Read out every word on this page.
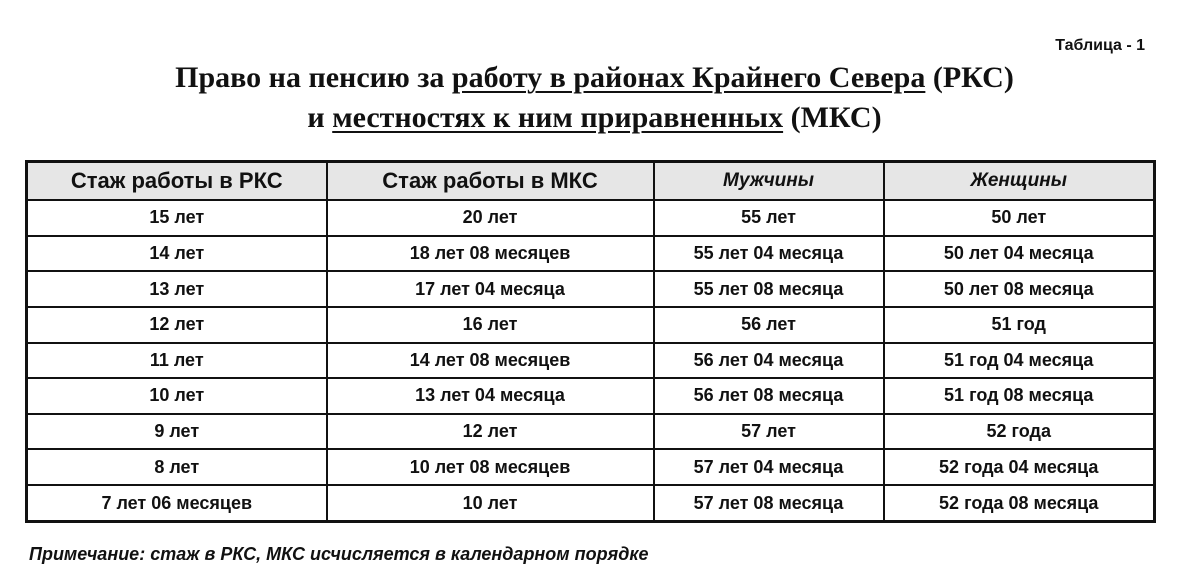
Таблица - 1
Право на пенсию за работу в районах Крайнего Севера (РКС)
и местностях к ним приравненных (МКС)
Стаж работы в РКС	Стаж работы в МКС	Мужчины	Женщины
15 лет	20 лет	55 лет	50 лет
14 лет	18 лет 08 месяцев	55 лет 04 месяца	50 лет 04 месяца
13 лет	17 лет 04 месяца	55 лет 08 месяца	50 лет 08 месяца
12 лет	16 лет	56 лет	51 год
11 лет	14 лет 08 месяцев	56 лет 04 месяца	51 год 04 месяца
10 лет	13 лет 04 месяца	56 лет 08 месяца	51 год 08 месяца
9 лет	12 лет	57 лет	52 года
8 лет	10 лет 08 месяцев	57 лет 04 месяца	52 года 04 месяца
7 лет 06 месяцев	10 лет	57 лет 08 месяца	52 года 08 месяца
Примечание: стаж в РКС, МКС исчисляется в календарном порядке
